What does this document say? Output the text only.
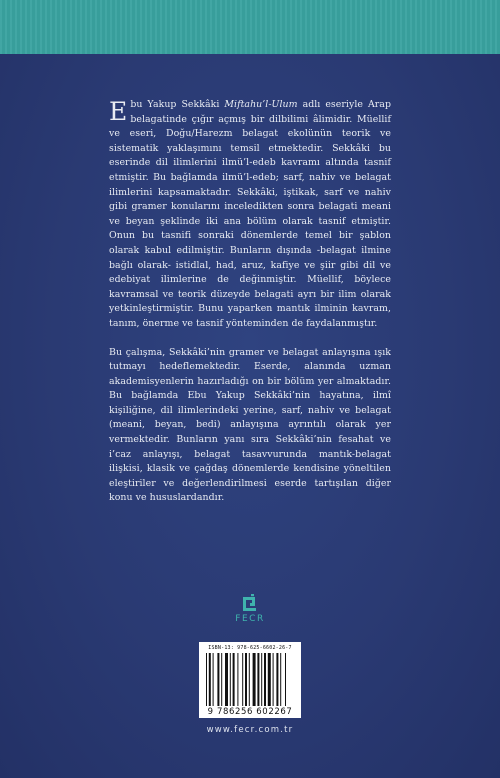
Ebu Yakup Sekkâki Miftahu’l-Ulum adlı eseriyle Arap belagatinde çığır açmış bir dilbilimi âlimidir. Müellif ve eseri, Doğu/Harezm belagat ekolünün teorik ve sistematik yaklaşımını temsil etmektedir. Sekkâki bu eserinde dil ilimlerini ilmü’l-edeb kavramı altında tasnif etmiştir. Bu bağlamda ilmü’l-edeb; sarf, nahiv ve belagat ilimlerini kapsamaktadır. Sekkâki, iştikak, sarf ve nahiv gibi gramer konularını inceledikten sonra belagati meani ve beyan şeklinde iki ana bölüm olarak tasnif etmiştir. Onun bu tasnifi sonraki dönemlerde temel bir şablon olarak kabul edilmiştir. Bunların dışında -belagat ilmine bağlı olarak- istidlal, had, aruz, kafiye ve şiir gibi dil ve edebiyat ilimlerine de değinmiştir. Müellif, böylece kavramsal ve teorik düzeyde belagati ayrı bir ilim olarak yetkinleştirmiştir. Bunu yaparken mantık ilminin kavram, tanım, önerme ve tasnif yönteminden de faydalanmıştır.

Bu çalışma, Sekkâki’nin gramer ve belagat anlayışına ışık tutmayı hedeflemektedir. Eserde, alanında uzman akademisyenlerin hazırladığı on bir bölüm yer almaktadır. Bu bağlamda Ebu Yakup Sekkâki’nin hayatına, ilmî kişiliğine, dil ilimlerindeki yerine, sarf, nahiv ve belagat (meani, beyan, bedi) anlayışına ayrıntılı olarak yer vermektedir. Bunların yanı sıra Sekkâki’nin fesahat ve i’caz anlayışı, belagat tasavvurunda mantık-belagat ilişkisi, klasik ve çağdaş dönemlerde kendisine yöneltilen eleştiriler ve değerlendirilmesi eserde tartışılan diğer konu ve hususlardandır.

FECR
ISBN-13: 978-625-6602-26-7
9 786256 602267
www.fecr.com.tr
